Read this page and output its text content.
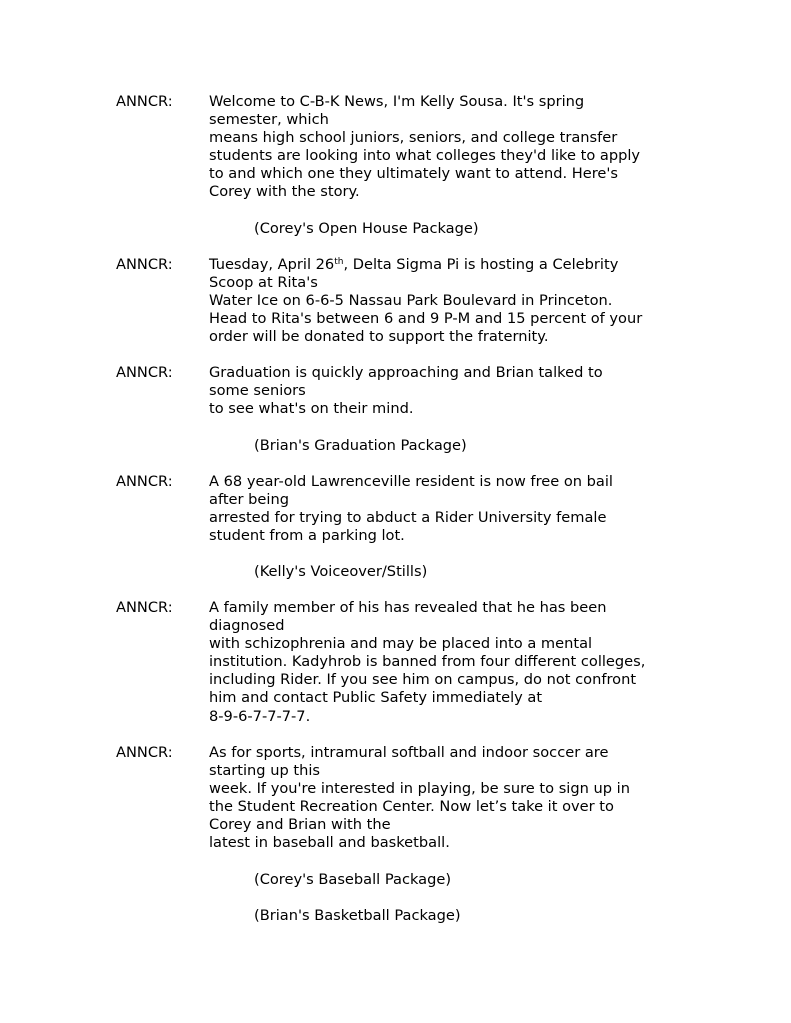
ANNCR:	Welcome to C-B-K News, I'm Kelly Sousa. It's spring
semester, which
means high school juniors, seniors, and college transfer
students are looking into what colleges they'd like to apply
to and which one they ultimately want to attend. Here's
Corey with the story.
(Corey's Open House Package)
ANNCR:	Tuesday, April 26th, Delta Sigma Pi is hosting a Celebrity
Scoop at Rita's
Water Ice on 6-6-5 Nassau Park Boulevard in Princeton.
Head to Rita's between 6 and 9 P-M and 15 percent of your
order will be donated to support the fraternity.
ANNCR:	Graduation is quickly approaching and Brian talked to
some seniors
to see what's on their mind.
(Brian's Graduation Package)
ANNCR:	A 68 year-old Lawrenceville resident is now free on bail
after being
arrested for trying to abduct a Rider University female
student from a parking lot.
(Kelly's Voiceover/Stills)
ANNCR:	A family member of his has revealed that he has been
diagnosed
with schizophrenia and may be placed into a mental
institution. Kadyhrob is banned from four different colleges,
including Rider. If you see him on campus, do not confront
him and contact Public Safety immediately at
8-9-6-7-7-7-7.
ANNCR:	As for sports, intramural softball and indoor soccer are
starting up this
week. If you're interested in playing, be sure to sign up in
the Student Recreation Center. Now let’s take it over to
Corey and Brian with the
latest in baseball and basketball.
(Corey's Baseball Package)
(Brian's Basketball Package)
